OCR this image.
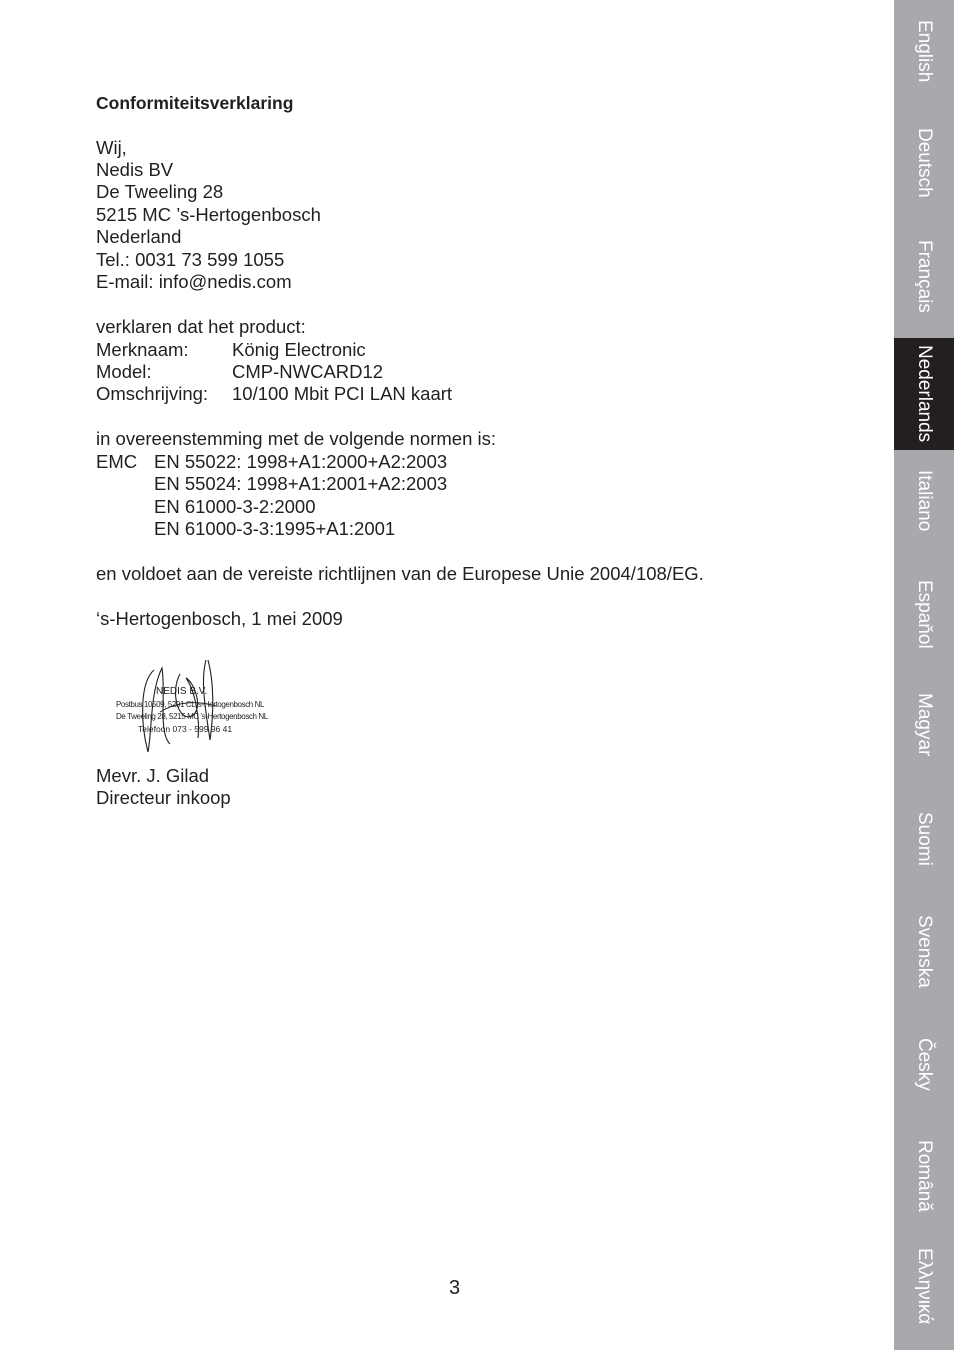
Conformiteitsverklaring
Wij,
Nedis BV
De Tweeling 28
5215 MC ’s-Hertogenbosch
Nederland
Tel.: 0031 73 599 1055
E-mail: info@nedis.com
verklaren dat het product:
Merknaam: König Electronic
Model:	CMP-NWCARD12
Omschrijving: 10/100 Mbit PCI LAN kaart
in overeenstemming met de volgende normen is:
EMC EN 55022: 1998+A1:2000+A2:2003
EN 55024: 1998+A1:2001+A2:2003
EN 61000-3-2:2000
EN 61000-3-3:1995+A1:2001
en voldoet aan de vereiste richtlijnen van de Europese Unie 2004/108/EG.
‘s-Hertogenbosch, 1 mei 2009
Mevr. J. Gilad
Directeur inkoop
NEDIS B.V.
Postbus 10509, 5201 CL 's-Hertogenbosch NL
De Tweeling 28, 5215 MC 's-Hertogenbosch NL
Telefoon 073 - 599 96 41
3
English
Deutsch
Français
Nederlands
Italiano
Espaňol
Magyar
Suomi
Svenska
Česky
Română
Ελληνικά
